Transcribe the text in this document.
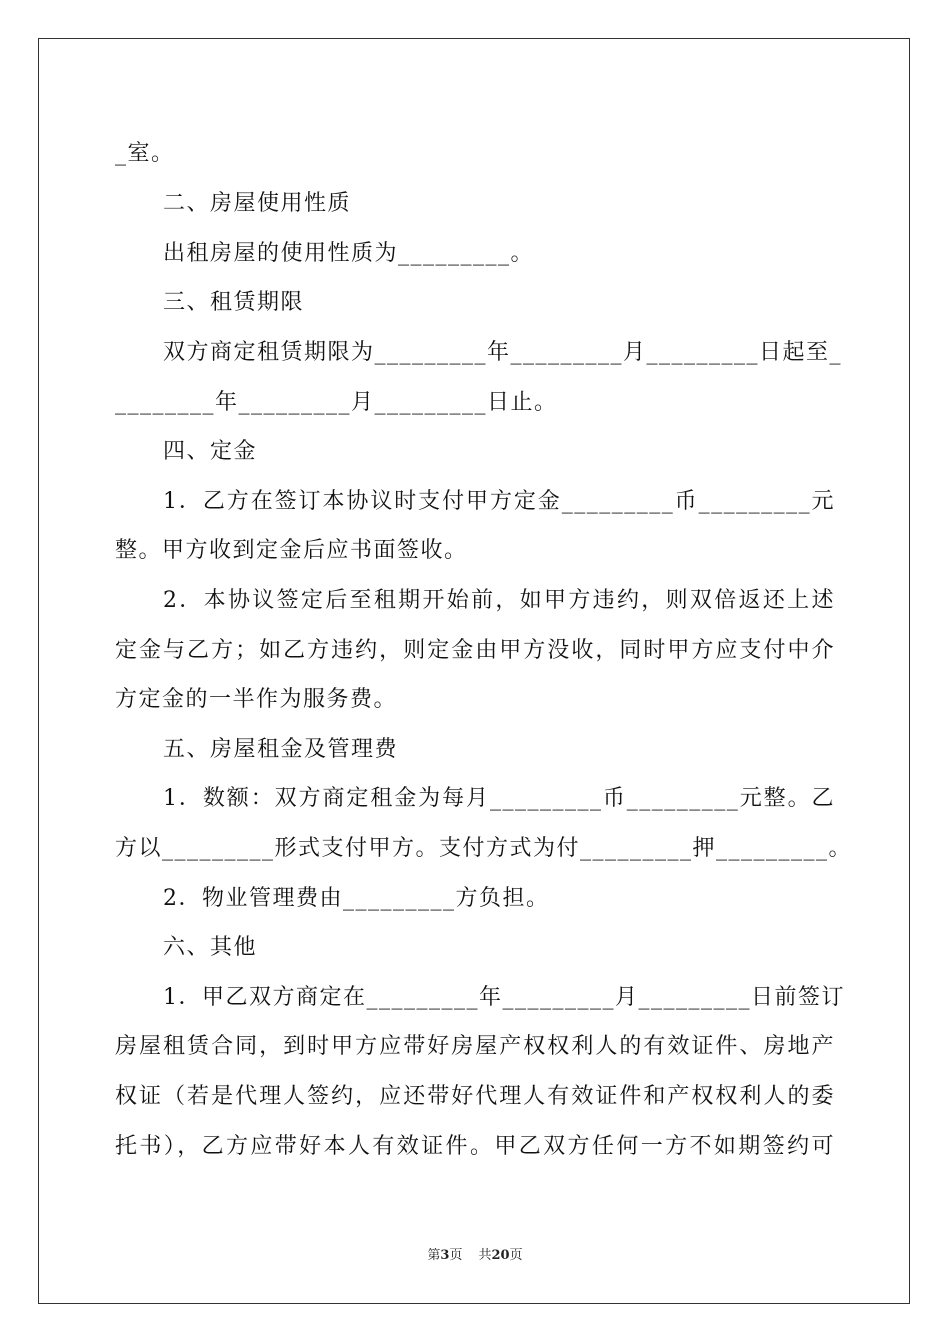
_室。
二、房屋使用性质
出租房屋的使用性质为_________。
三、租赁期限
双方商定租赁期限为_________年_________月_________日起至_
________年_________月_________日止。
四、定金
1．乙方在签订本协议时支付甲方定金_________币_________元
整。甲方收到定金后应书面签收。
2．本协议签定后至租期开始前，如甲方违约，则双倍返还上述
定金与乙方；如乙方违约，则定金由甲方没收，同时甲方应支付中介
方定金的一半作为服务费。
五、房屋租金及管理费
1．数额：双方商定租金为每月_________币_________元整。乙
方以_________形式支付甲方。支付方式为付_________押_________。
2．物业管理费由_________方负担。
六、其他
1．甲乙双方商定在_________年_________月_________日前签订
房屋租赁合同，到时甲方应带好房屋产权权利人的有效证件、房地产
权证（若是代理人签约，应还带好代理人有效证件和产权权利人的委
托书），乙方应带好本人有效证件。甲乙双方任何一方不如期签约可
第3页 共20页
